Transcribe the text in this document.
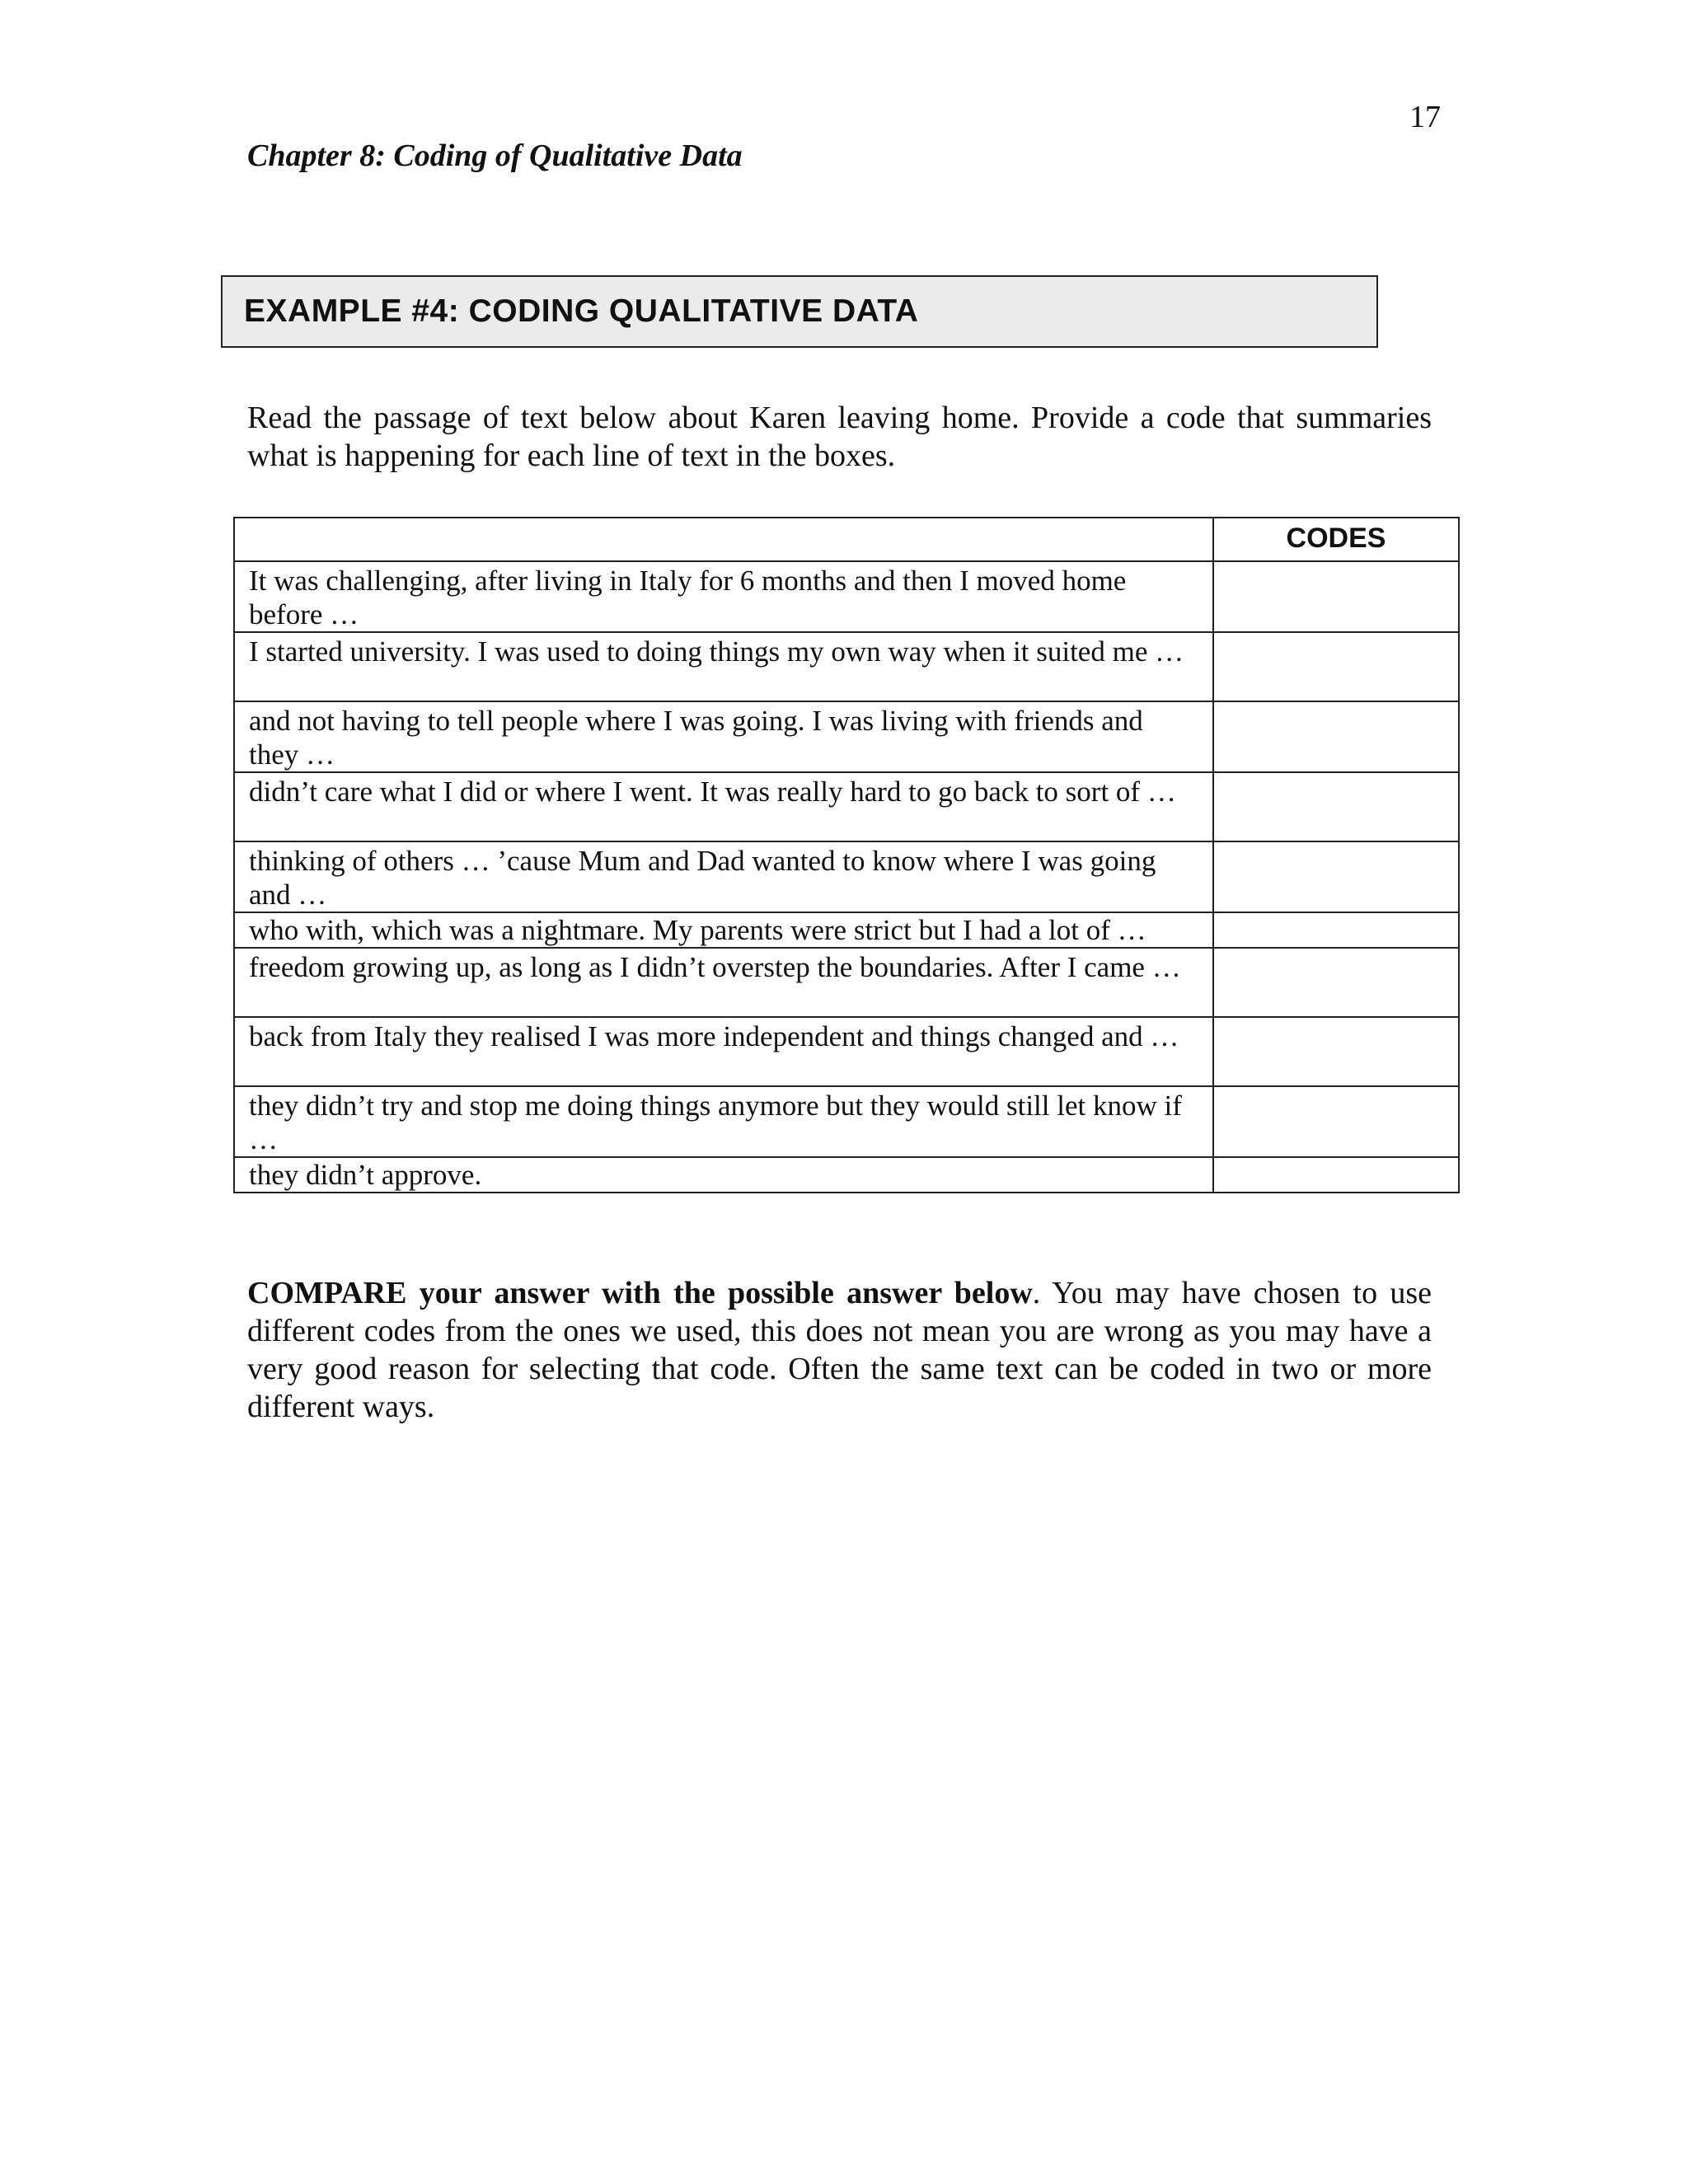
17
Chapter 8: Coding of Qualitative Data
EXAMPLE #4: CODING QUALITATIVE DATA
Read the passage of text below about Karen leaving home. Provide a code that summaries what is happening for each line of text in the boxes.
	CODES
It was challenging, after living in Italy for 6 months and then I moved home before …	
I started university. I was used to doing things my own way when it suited me …	
and not having to tell people where I was going. I was living with friends and they …	
didn’t care what I did or where I went. It was really hard to go back to sort of …	
thinking of others … ’cause Mum and Dad wanted to know where I was going and …	
who with, which was a nightmare. My parents were strict but I had a lot of …	
freedom growing up, as long as I didn’t overstep the boundaries. After I came …	
back from Italy they realised I was more independent and things changed and …	
they didn’t try and stop me doing things anymore but they would still let know if …	
they didn’t approve.	
COMPARE your answer with the possible answer below. You may have chosen to use different codes from the ones we used, this does not mean you are wrong as you may have a very good reason for selecting that code. Often the same text can be coded in two or more different ways.
